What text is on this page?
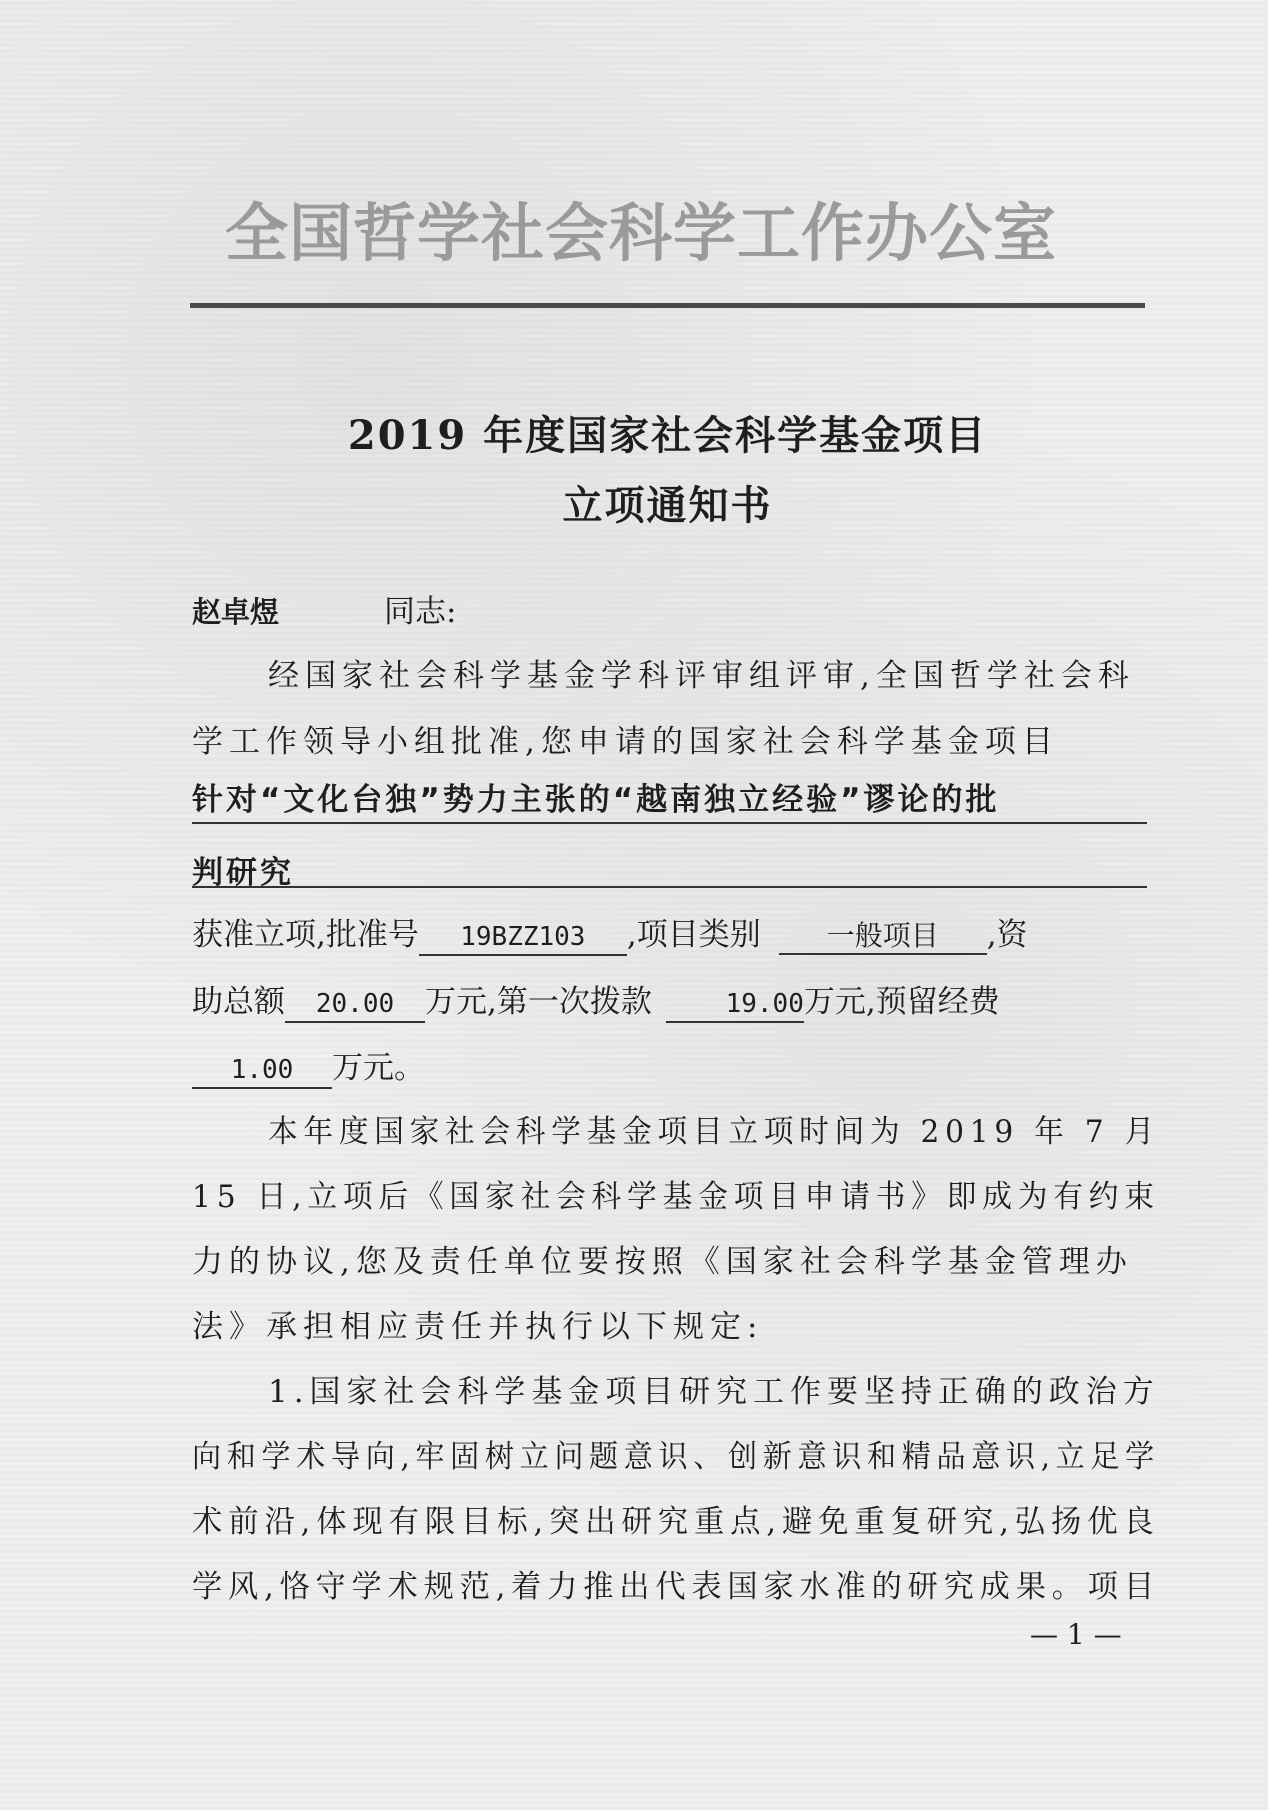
全国哲学社会科学工作办公室
2019 年度国家社会科学基金项目
立项通知书
赵卓煜	同志:
经国家社会科学基金学科评审组评审,全国哲学社会科
学工作领导小组批准,您申请的国家社会科学基金项目
针对“文化台独”势力主张的“越南独立经验”谬论的批
判研究
获准立项,批准号 19BZZ103 ,项目类别 一般项目 ,资
助总额 20.00 万元,第一次拨款	19.00万元,预留经费
1.00 万元。
本年度国家社会科学基金项目立项时间为 2019 年 7 月
15 日,立项后《国家社会科学基金项目申请书》即成为有约束
力的协议,您及责任单位要按照《国家社会科学基金管理办
法》承担相应责任并执行以下规定:
1.国家社会科学基金项目研究工作要坚持正确的政治方
向和学术导向,牢固树立问题意识、创新意识和精品意识,立足学
术前沿,体现有限目标,突出研究重点,避免重复研究,弘扬优良
学风,恪守学术规范,着力推出代表国家水准的研究成果。项目
— 1 —
